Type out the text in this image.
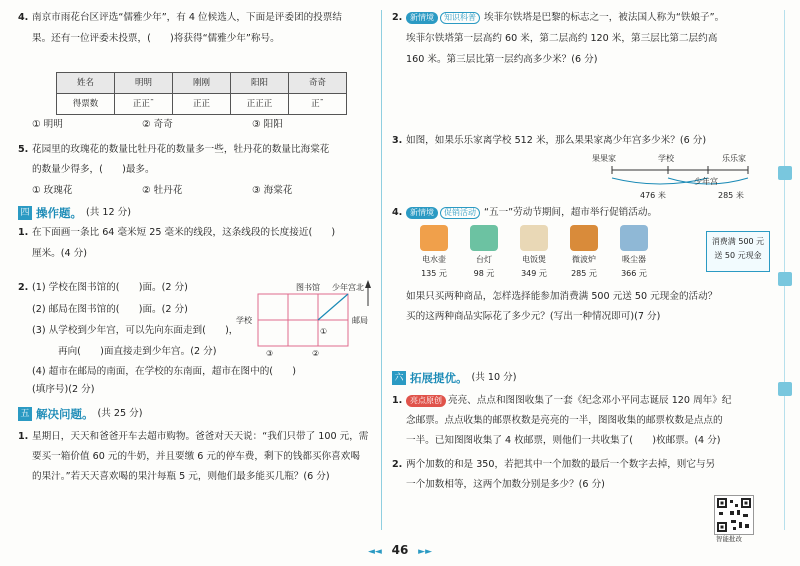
4. 南京市雨花台区评选“儒雅少年”，有 4 位候选人，下面是评委团的投票结
果。还有一位评委未投票，(　　)将获得“儒雅少年”称号。
姓名	明明	刚刚	阳阳	奇奇
得票数	正正ˉ	正正	正正正	正ˉ
① 明明	② 奇奇	③ 阳阳
5. 花园里的玫瑰花的数量比牡丹花的数量多一些，牡丹花的数量比海棠花
的数量少得多，(　　)最多。
① 玫瑰花	② 牡丹花	③ 海棠花
四 操作题。 (共 12 分)
1. 在下面画一条比 64 毫米短 25 毫米的线段，这条线段的长度接近(　　)
厘米。(4 分)
2. (1) 学校在图书馆的(　　)面。(2 分)
(2) 邮局在图书馆的(　　)面。(2 分)
(3) 从学校到少年宫，可以先向东面走到(　　)，
再向(　　)面直接走到少年宫。(2 分)
(4) 超市在邮局的南面，在学校的东南面，超市在图中的(　　)
(填序号)(2 分)
图书馆 少年宫 北
学校	邮局
①
②
③
五 解决问题。 (共 25 分)
1. 星期日，天天和爸爸开车去超市购物。爸爸对天天说：“我们只带了 100 元，需
要买一箱价值 60 元的牛奶，并且要缴 6 元的停车费，剩下的钱都买你喜欢喝
的果汁。”若天天喜欢喝的果汁每瓶 5 元，则他们最多能买几瓶？(6 分)
2. 新情境 知识科普 埃菲尔铁塔是巴黎的标志之一，被法国人称为“铁娘子”。
埃菲尔铁塔第一层高约 60 米，第二层高约 120 米，第三层比第二层约高
160 米。第三层比第一层约高多少米？(6 分)
3. 如图，如果乐乐家离学校 512 米，那么果果家离少年宫多少米？(6 分)
果果家	学校	乐乐家
少年宫
476 米	285 米
4. 新情境 促销活动 “五一”劳动节期间，超市举行促销活动。
电水壶
135 元
台灯
98 元
电饭煲
349 元
微波炉
285 元
吸尘器
366 元
消费满 500 元
送 50 元现金
如果只买两种商品，怎样选择能参加消费满 500 元送 50 元现金的活动？
买的这两种商品实际花了多少元？(写出一种情况即可)(7 分)
六 拓展提优。 (共 10 分)
1. 亮点原创 亮亮、点点和图图收集了一套《纪念邓小平同志诞辰 120 周年》纪
念邮票。点点收集的邮票枚数是亮亮的一半，图图收集的邮票枚数是点点的
一半。已知图图收集了 4 枚邮票，则他们一共收集了(　　)枚邮票。(4 分)
2. 两个加数的和是 350，若把其中一个加数的最后一个数字去掉，则它与另
一个加数相等，这两个加数分别是多少？(6 分)
智能批改
◄◄ 46 ►►
